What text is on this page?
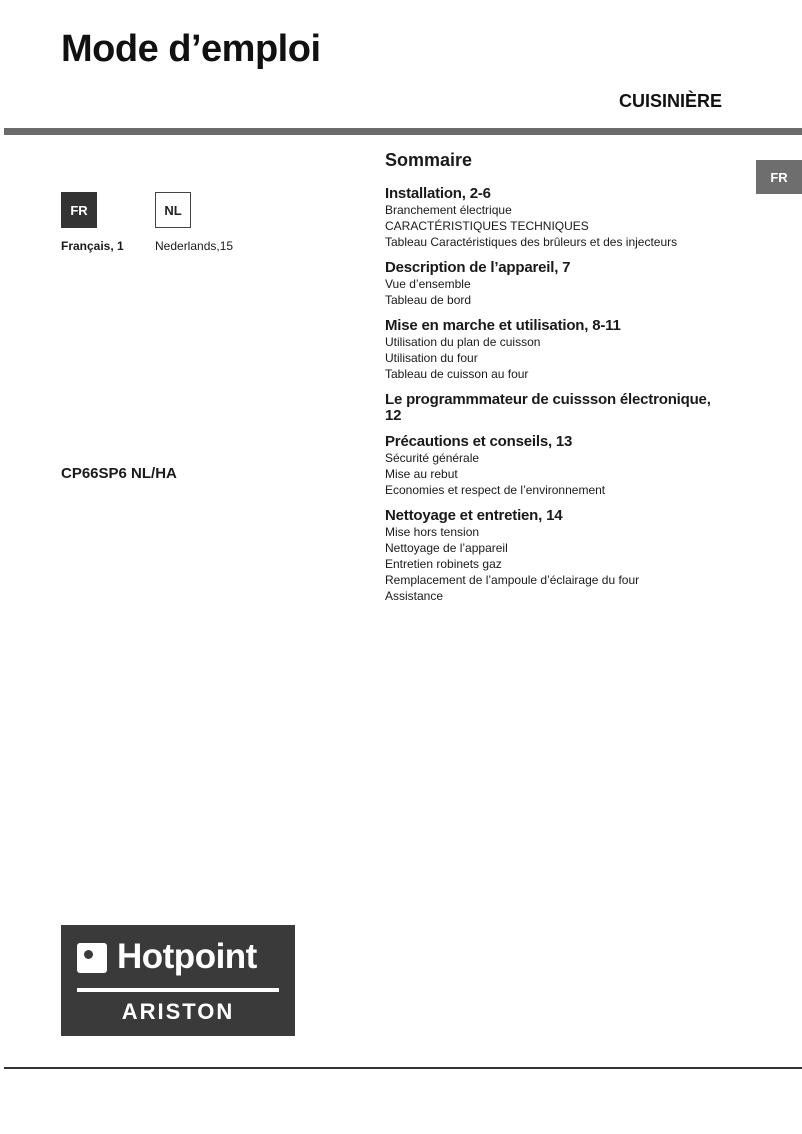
Mode d’emploi
CUISINIÈRE
FR
FR	NL
Français, 1	Nederlands,15
CP66SP6 NL/HA
Sommaire
Installation, 2-6
Branchement électrique
CARACTÉRISTIQUES TECHNIQUES
Tableau Caractéristiques des brûleurs et des injecteurs
Description de l’appareil, 7
Vue d’ensemble
Tableau de bord
Mise en marche et utilisation, 8-11
Utilisation du plan de cuisson
Utilisation du four
Tableau de cuisson au four
Le programmmateur de cuissson électronique, 12
Précautions et conseils, 13
Sécurité générale
Mise au rebut
Economies et respect de l’environnement
Nettoyage et entretien, 14
Mise hors tension
Nettoyage de l’appareil
Entretien robinets gaz
Remplacement de l’ampoule d’éclairage du four
Assistance
Hotpoint
ARISTON
